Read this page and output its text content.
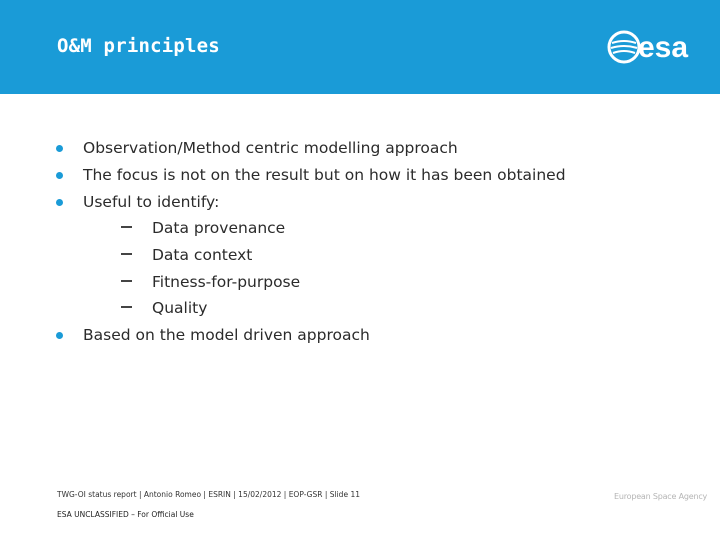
O&M principles	esa
Observation/Method centric modelling approach
The focus is not on the result but on how it has been obtained
Useful to identify:
Data provenance
Data context
Fitness-for-purpose
Quality
Based on the model driven approach
TWG-OI status report | Antonio Romeo | ESRIN | 15/02/2012 | EOP-GSR | Slide 11
ESA UNCLASSIFIED – For Official Use
European Space Agency
